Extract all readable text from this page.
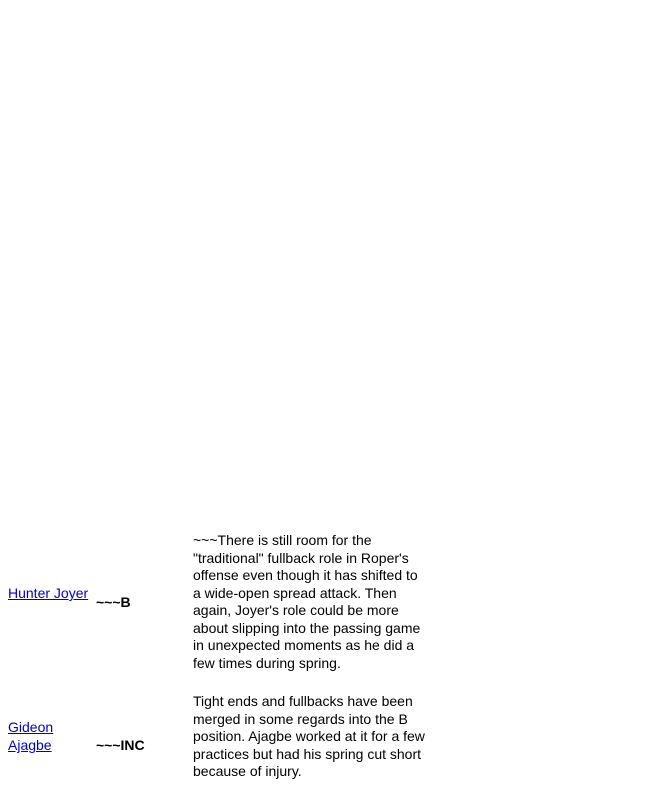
Hunter Joyer
~~~B
~~~There is still room for the "traditional" fullback role in Roper's offense even though it has shifted to a wide-open spread attack. Then again, Joyer's role could be more about slipping into the passing game in unexpected moments as he did a few times during spring.
Gideon Ajagbe	~~~INC
Tight ends and fullbacks have been merged in some regards into the B position. Ajagbe worked at it for a few practices but had his spring cut short because of injury.
